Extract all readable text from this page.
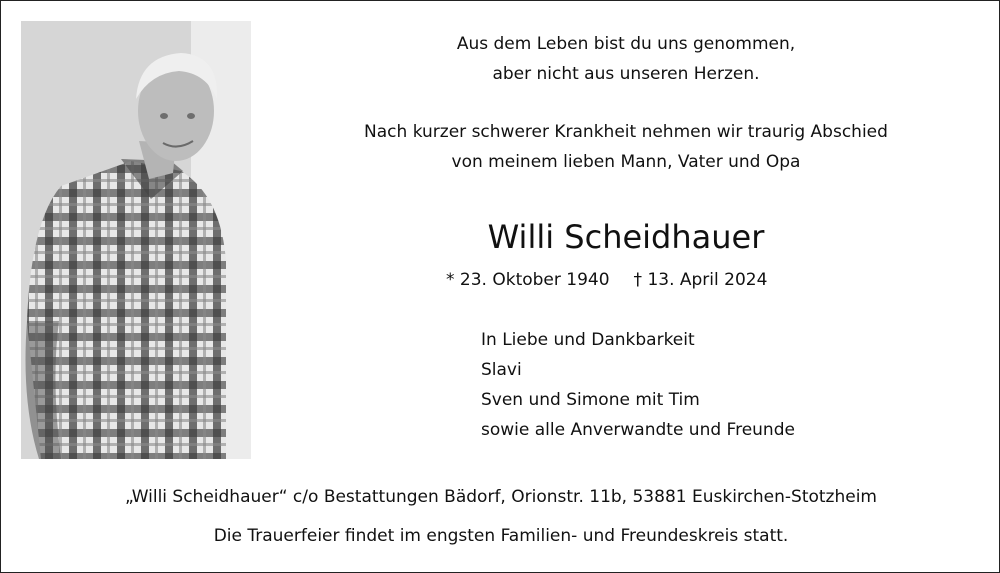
Aus dem Leben bist du uns genommen,
aber nicht aus unseren Herzen.

Nach kurzer schwerer Krankheit nehmen wir traurig Abschied
von meinem lieben Mann, Vater und Opa

Willi Scheidhauer
* 23. Oktober 1940 † 13. April 2024
In Liebe und Dankbarkeit
Slavi
Sven und Simone mit Tim
sowie alle Anverwandte und Freunde
„Willi Scheidhauer“ c/o Bestattungen Bädorf, Orionstr. 11b, 53881 Euskirchen-Stotzheim
Die Trauerfeier findet im engsten Familien- und Freundeskreis statt.
